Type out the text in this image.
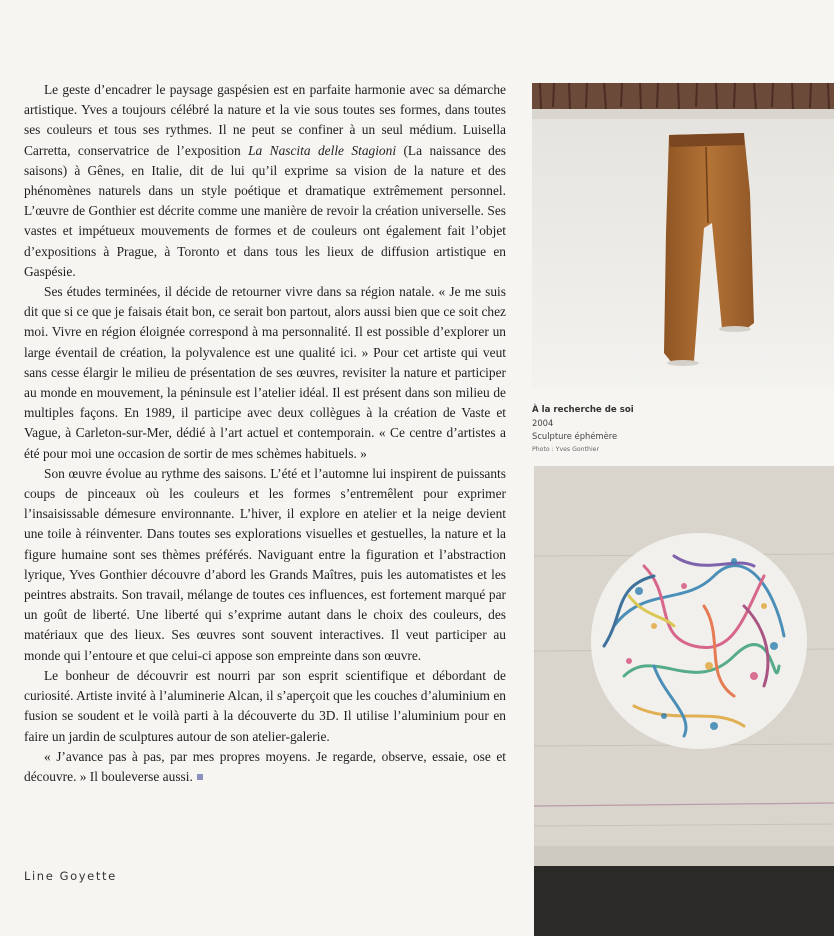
Le geste d’encadrer le paysage gaspésien est en parfaite harmonie avec sa démarche artistique. Yves a toujours célébré la nature et la vie sous toutes ses formes, dans toutes ses couleurs et tous ses rythmes. Il ne peut se confiner à un seul médium. Luisella Carretta, conservatrice de l’exposition La Nascita delle Stagioni (La naissance des saisons) à Gênes, en Italie, dit de lui qu’il exprime sa vision de la nature et des phénomènes naturels dans un style poétique et dramatique extrêmement personnel. L’œuvre de Gonthier est décrite comme une manière de revoir la création universelle. Ses vastes et impétueux mouvements de formes et de couleurs ont également fait l’objet d’expositions à Prague, à Toronto et dans tous les lieux de diffusion artistique en Gaspésie.

Ses études terminées, il décide de retourner vivre dans sa région natale. « Je me suis dit que si ce que je faisais était bon, ce serait bon partout, alors aussi bien que ce soit chez moi. Vivre en région éloignée correspond à ma personnalité. Il est possible d’explorer un large éventail de création, la polyvalence est une qualité ici. » Pour cet artiste qui veut sans cesse élargir le milieu de présentation de ses œuvres, revisiter la nature et participer au monde en mouvement, la péninsule est l’atelier idéal. Il est présent dans son milieu de multiples façons. En 1989, il participe avec deux collègues à la création de Vaste et Vague, à Carleton-sur-Mer, dédié à l’art actuel et contemporain. « Ce centre d’artistes a été pour moi une occasion de sortir de mes schèmes habituels. »

Son œuvre évolue au rythme des saisons. L’été et l’automne lui inspirent de puissants coups de pinceaux où les couleurs et les formes s’entremêlent pour exprimer l’insaisissable démesure environnante. L’hiver, il explore en atelier et la neige devient une toile à réinventer. Dans toutes ses explorations visuelles et gestuelles, la nature et la figure humaine sont ses thèmes préférés. Naviguant entre la figuration et l’abstraction lyrique, Yves Gonthier découvre d’abord les Grands Maîtres, puis les automatistes et les peintres abstraits. Son travail, mélange de toutes ces influences, est fortement marqué par un goût de liberté. Une liberté qui s’exprime autant dans le choix des couleurs, des matériaux que des lieux. Ses œuvres sont souvent interactives. Il veut participer au monde qui l’entoure et que celui-ci appose son empreinte dans son œuvre.

Le bonheur de découvrir est nourri par son esprit scientifique et débordant de curiosité. Artiste invité à l’aluminerie Alcan, il s’aperçoit que les couches d’aluminium en fusion se soudent et le voilà parti à la découverte du 3D. Il utilise l’aluminium pour en faire un jardin de sculptures autour de son atelier-galerie.

« J’avance pas à pas, par mes propres moyens. Je regarde, observe, essaie, ose et découvre. » Il bouleverse aussi.

Line Goyette
À la recherche de soi
2004
Sculpture éphémère
Photo : Yves Gonthier
